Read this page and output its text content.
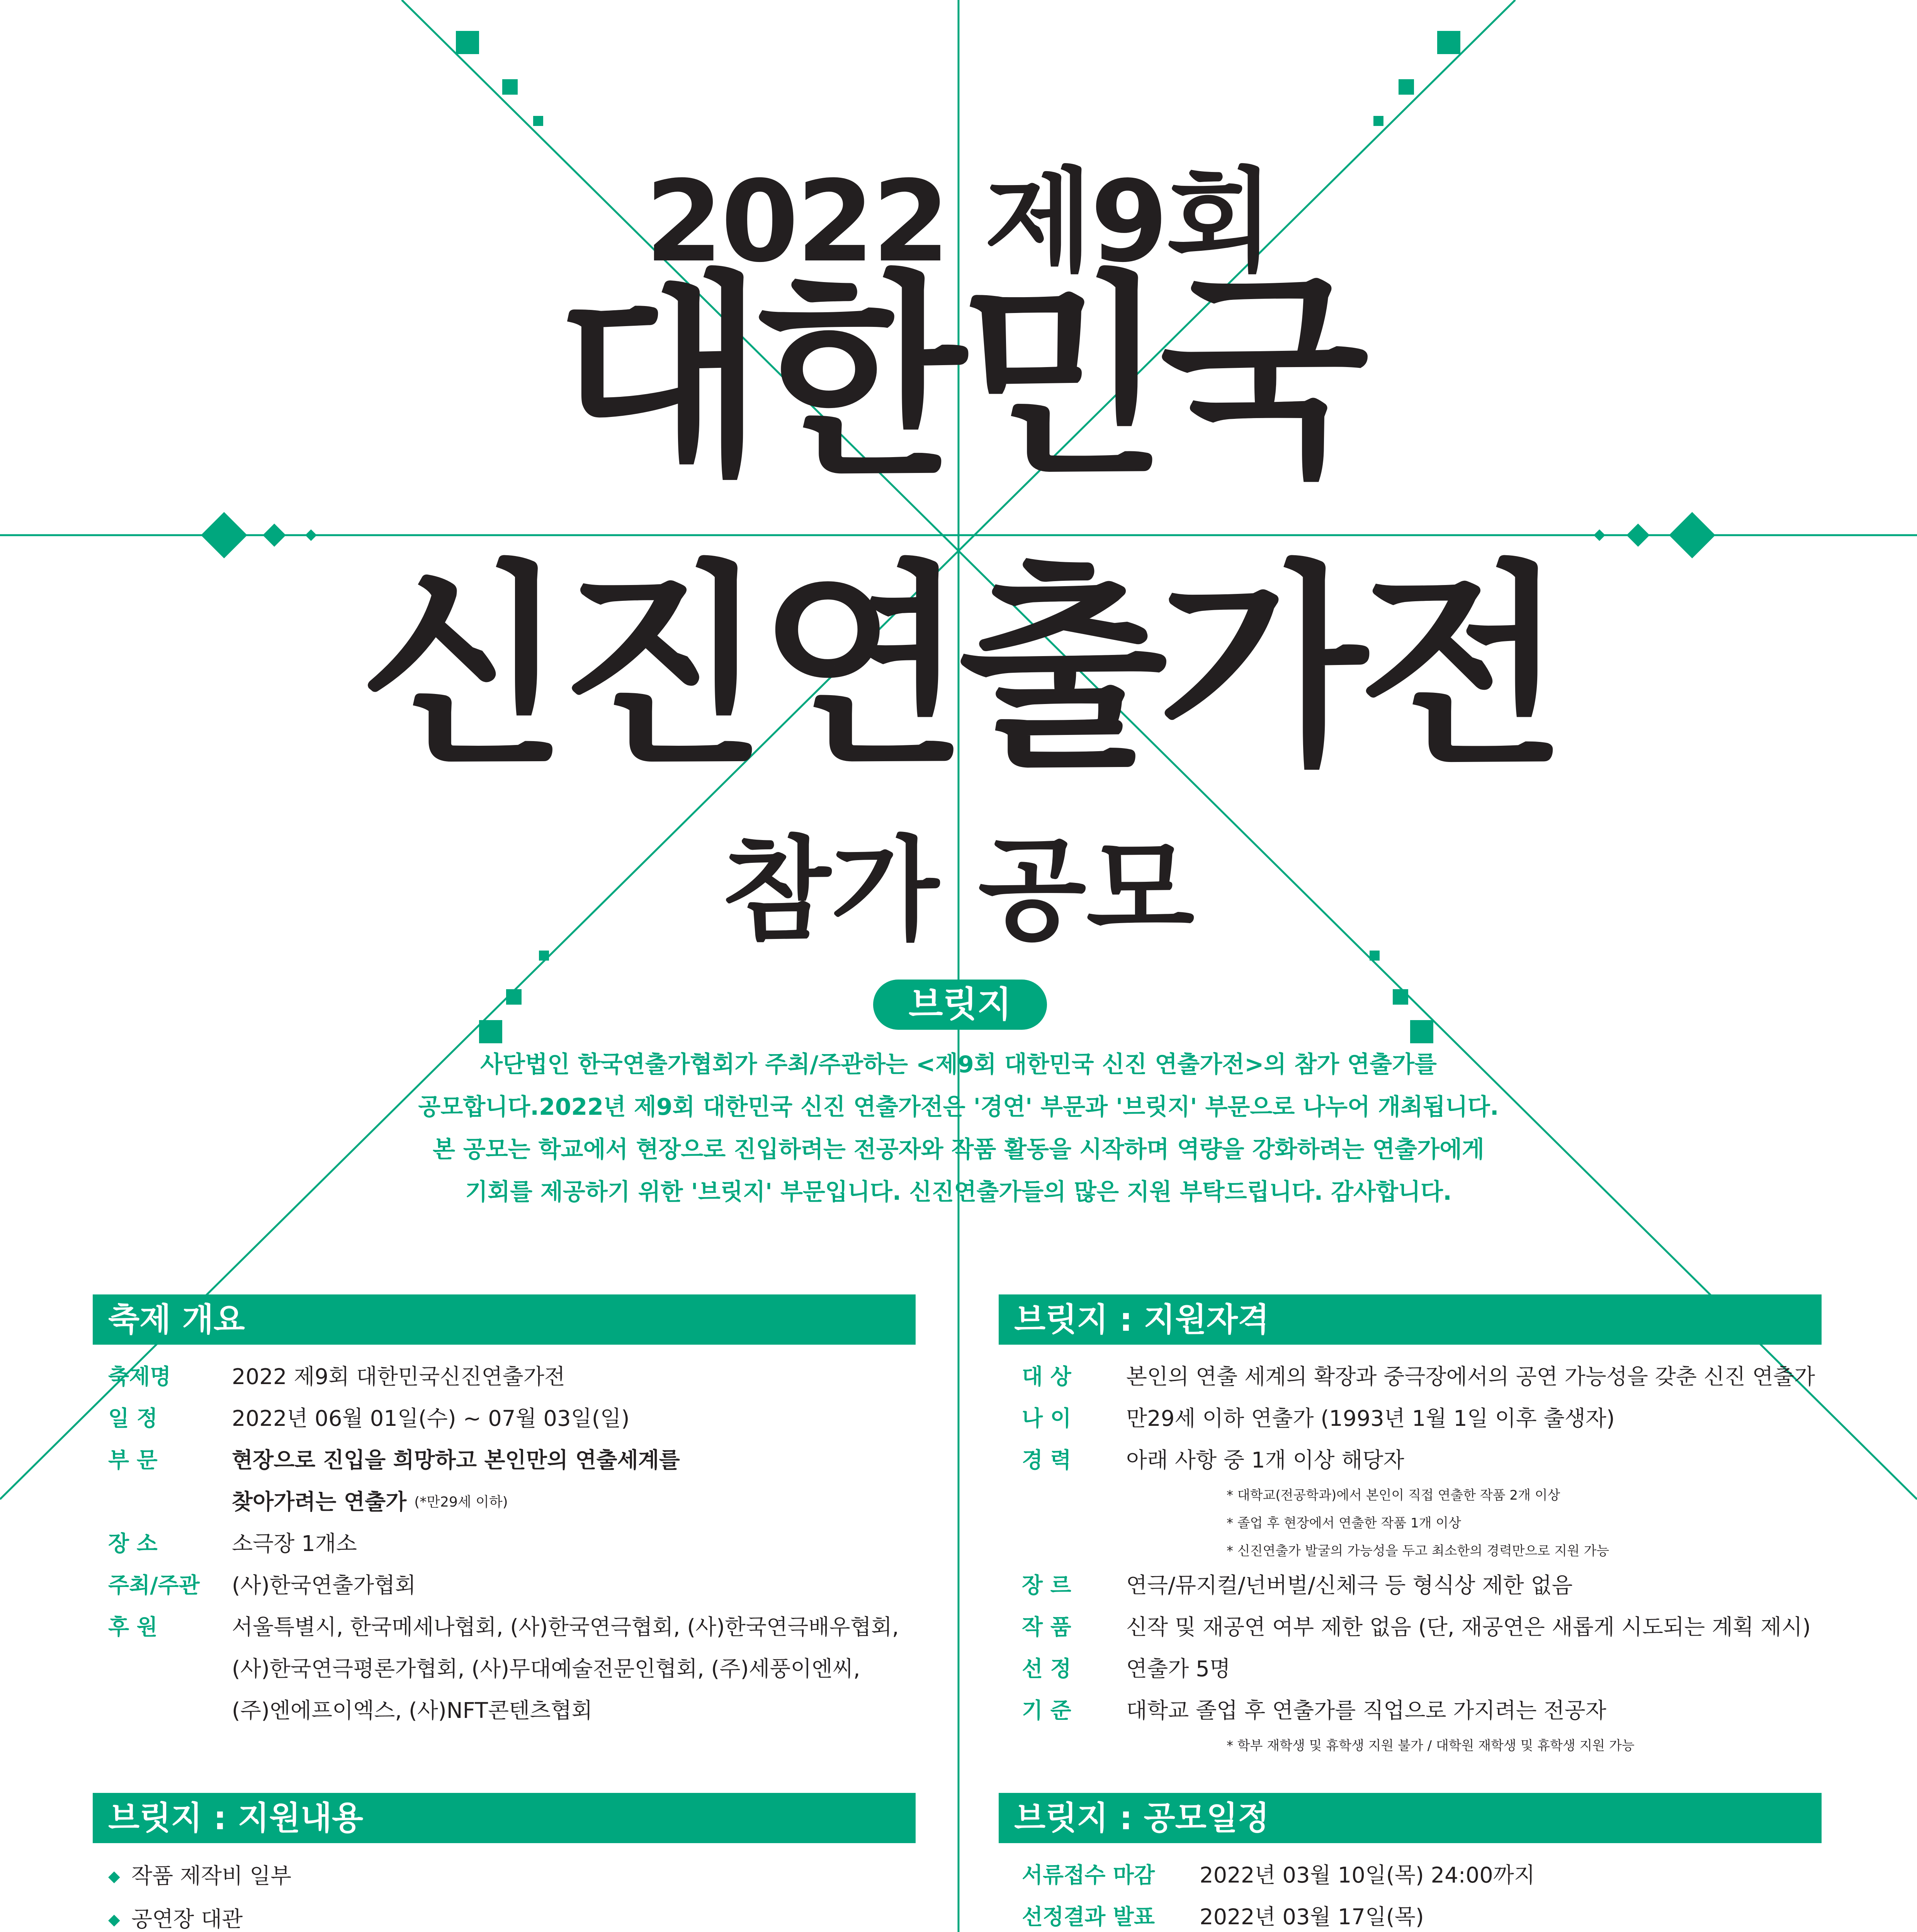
2022 제9회
대한민국
신진연출가전
참가 공모
브릿지
사단법인 한국연출가협회가 주최/주관하는 <제9회 대한민국 신진 연출가전>의 참가 연출가를
공모합니다.2022년 제9회 대한민국 신진 연출가전은 '경연' 부문과 '브릿지' 부문으로 나누어 개최됩니다.
본 공모는 학교에서 현장으로 진입하려는 전공자와 작품 활동을 시작하며 역량을 강화하려는 연출가에게
기회를 제공하기 위한 '브릿지' 부문입니다. 신진연출가들의 많은 지원 부탁드립니다. 감사합니다.
축제 개요
축제명	2022 제9회 대한민국신진연출가전
일 정	2022년 06월 01일(수) ~ 07월 03일(일)
부 문	현장으로 진입을 희망하고 본인만의 연출세계를
찾아가려는 연출가 (*만29세 이하)
장 소	소극장 1개소
주최/주관	(사)한국연출가협회
후 원	서울특별시, 한국메세나협회, (사)한국연극협회, (사)한국연극배우협회,
(사)한국연극평론가협회, (사)무대예술전문인협회, (주)세풍이엔씨,
(주)엔에프이엑스, (사)NFT콘텐츠협회
브릿지 : 지원내용
◆ 작품 제작비 일부
◆ 공연장 대관
브릿지 : 지원자격
대 상	본인의 연출 세계의 확장과 중극장에서의 공연 가능성을 갖춘 신진 연출가
나 이	만29세 이하 연출가 (1993년 1월 1일 이후 출생자)
경 력	아래 사항 중 1개 이상 해당자
* 대학교(전공학과)에서 본인이 직접 연출한 작품 2개 이상
* 졸업 후 현장에서 연출한 작품 1개 이상
* 신진연출가 발굴의 가능성을 두고 최소한의 경력만으로 지원 가능
장 르	연극/뮤지컬/넌버벌/신체극 등 형식상 제한 없음
작 품	신작 및 재공연 여부 제한 없음 (단, 재공연은 새롭게 시도되는 계획 제시)
선 정	연출가 5명
기 준	대학교 졸업 후 연출가를 직업으로 가지려는 전공자
* 학부 재학생 및 휴학생 지원 불가 / 대학원 재학생 및 휴학생 지원 가능
브릿지 : 공모일정
서류접수 마감	2022년 03월 10일(목) 24:00까지
선정결과 발표	2022년 03월 17일(목)
